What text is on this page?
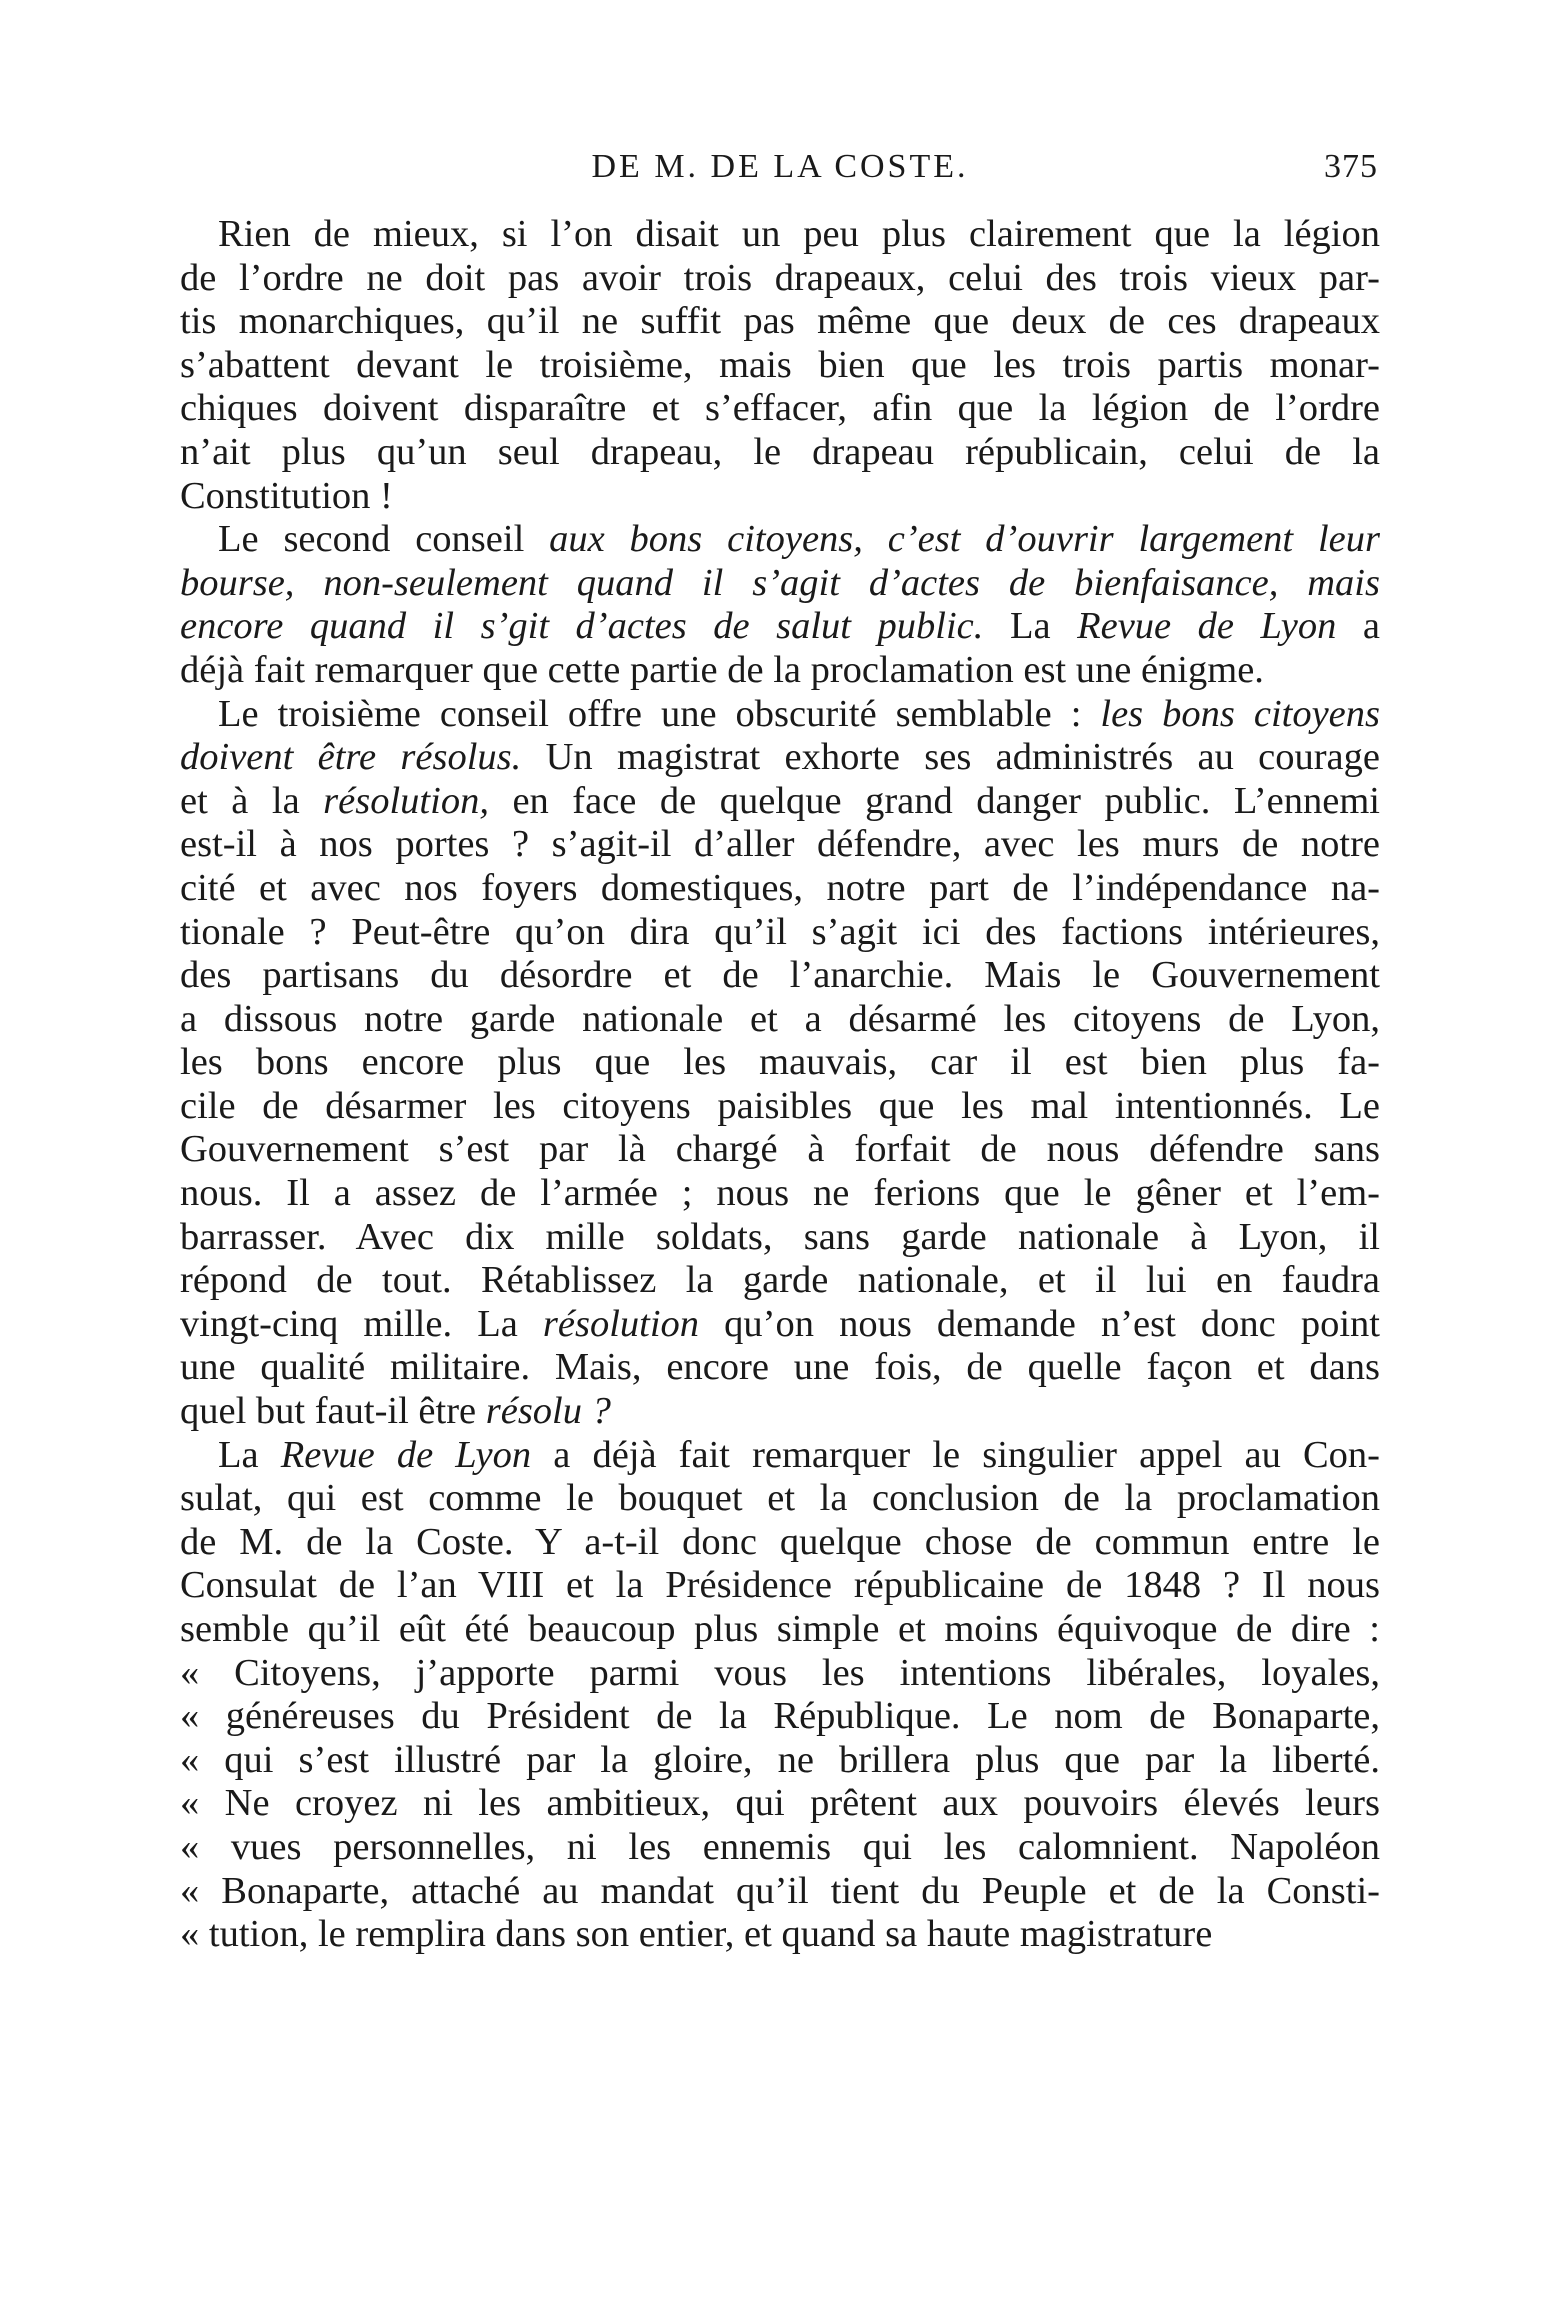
DE M. DE LA COSTE.	375
Rien de mieux, si l’on disait un peu plus clairement que la légion
de l’ordre ne doit pas avoir trois drapeaux, celui des trois vieux par-
tis monarchiques, qu’il ne suffit pas même que deux de ces drapeaux
s’abattent devant le troisième, mais bien que les trois partis monar-
chiques doivent disparaître et s’effacer, afin que la légion de l’ordre
n’ait plus qu’un seul drapeau, le drapeau républicain, celui de la
Constitution !
Le second conseil aux bons citoyens, c’est d’ouvrir largement leur
bourse, non-seulement quand il s’agit d’actes de bienfaisance, mais
encore quand il s’git d’actes de salut public. La Revue de Lyon a
déjà fait remarquer que cette partie de la proclamation est une énigme.
Le troisième conseil offre une obscurité semblable : les bons citoyens
doivent être résolus. Un magistrat exhorte ses administrés au courage
et à la résolution, en face de quelque grand danger public. L’ennemi
est-il à nos portes ? s’agit-il d’aller défendre, avec les murs de notre
cité et avec nos foyers domestiques, notre part de l’indépendance na-
tionale ? Peut-être qu’on dira qu’il s’agit ici des factions intérieures,
des partisans du désordre et de l’anarchie. Mais le Gouvernement
a dissous notre garde nationale et a désarmé les citoyens de Lyon,
les bons encore plus que les mauvais, car il est bien plus fa-
cile de désarmer les citoyens paisibles que les mal intentionnés. Le
Gouvernement s’est par là chargé à forfait de nous défendre sans
nous. Il a assez de l’armée ; nous ne ferions que le gêner et l’em-
barrasser. Avec dix mille soldats, sans garde nationale à Lyon, il
répond de tout. Rétablissez la garde nationale, et il lui en faudra
vingt-cinq mille. La résolution qu’on nous demande n’est donc point
une qualité militaire. Mais, encore une fois, de quelle façon et dans
quel but faut-il être résolu ?
La Revue de Lyon a déjà fait remarquer le singulier appel au Con-
sulat, qui est comme le bouquet et la conclusion de la proclamation
de M. de la Coste. Y a-t-il donc quelque chose de commun entre le
Consulat de l’an VIII et la Présidence républicaine de 1848 ? Il nous
semble qu’il eût été beaucoup plus simple et moins équivoque de dire :
« Citoyens, j’apporte parmi vous les intentions libérales, loyales,
« généreuses du Président de la République. Le nom de Bonaparte,
« qui s’est illustré par la gloire, ne brillera plus que par la liberté.
« Ne croyez ni les ambitieux, qui prêtent aux pouvoirs élevés leurs
« vues personnelles, ni les ennemis qui les calomnient. Napoléon
« Bonaparte, attaché au mandat qu’il tient du Peuple et de la Consti-
« tution, le remplira dans son entier, et quand sa haute magistrature
